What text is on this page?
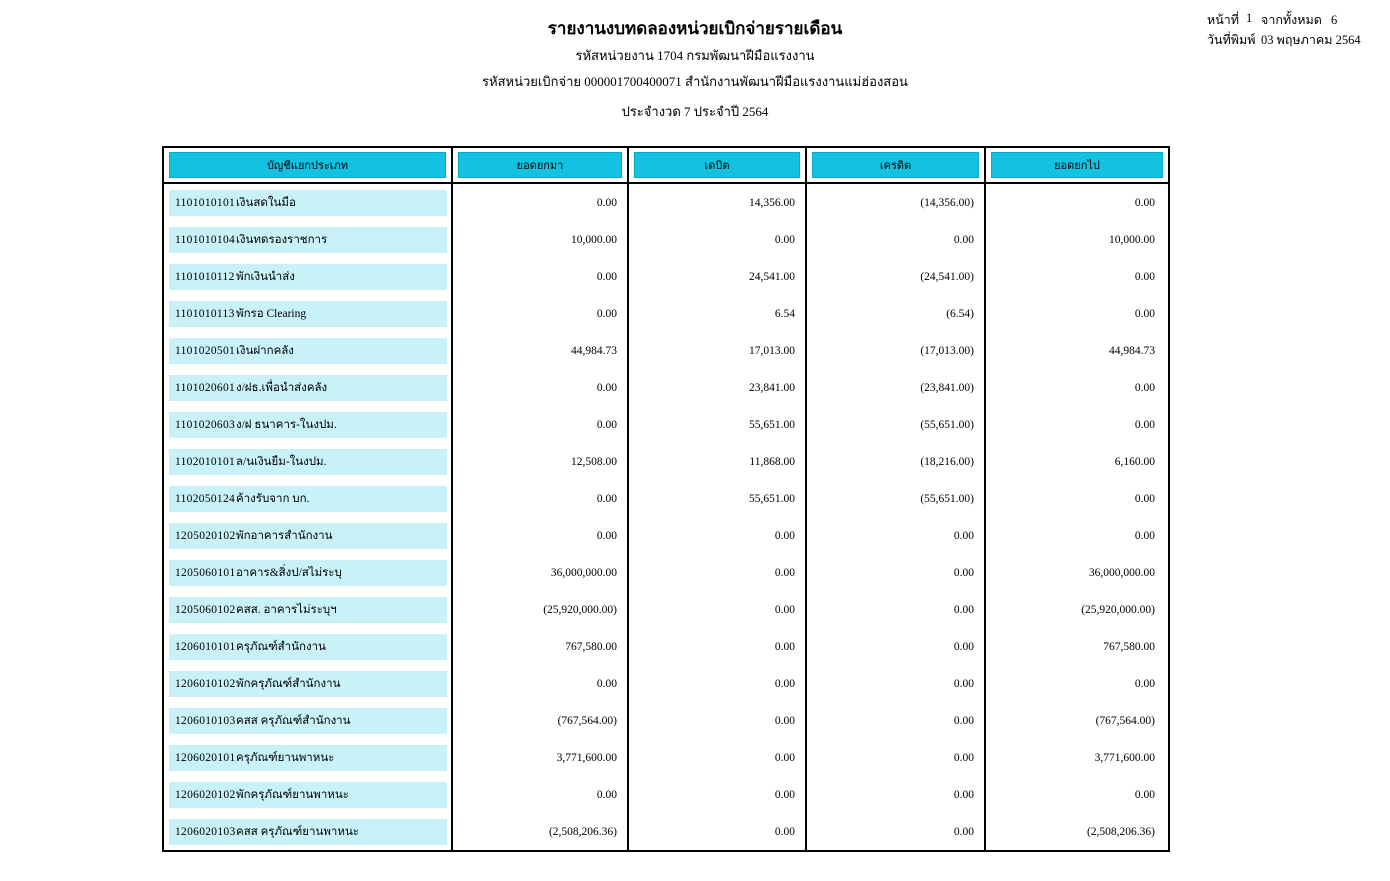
รายงานงบทดลองหน่วยเบิกจ่ายรายเดือน
รหัสหน่วยงาน 1704 กรมพัฒนาฝีมือแรงงาน
รหัสหน่วยเบิกจ่าย 000001700400071 สำนักงานพัฒนาฝีมือแรงงานแม่ฮ่องสอน
ประจำงวด 7 ประจำปี 2564
หน้าที่ 1 จากทั้งหมด 6
วันที่พิมพ์ 03 พฤษภาคม 2564
บัญชีแยกประเภท	ยอดยกมา	เดบิต	เครดิต	ยอดยกไป
1101010101 เงินสดในมือ	0.00	14,356.00	(14,356.00)	0.00
1101010104 เงินทดรองราชการ	10,000.00	0.00	0.00	10,000.00
1101010112 พักเงินนำส่ง	0.00	24,541.00	(24,541.00)	0.00
1101010113 พักรอ Clearing	0.00	6.54	(6.54)	0.00
1101020501 เงินฝากคลัง	44,984.73	17,013.00	(17,013.00)	44,984.73
1101020601 ง/ฝธ.เพื่อนำส่งคลัง	0.00	23,841.00	(23,841.00)	0.00
1101020603 ง/ฝ ธนาคาร-ในงปม.	0.00	55,651.00	(55,651.00)	0.00
1102010101 ล/นเงินยืม-ในงปม.	12,508.00	11,868.00	(18,216.00)	6,160.00
1102050124 ค้างรับจาก บก.	0.00	55,651.00	(55,651.00)	0.00
1205020102 พักอาคารสำนักงาน	0.00	0.00	0.00	0.00
1205060101 อาคาร&สิ่งป/สไม่ระบุ	36,000,000.00	0.00	0.00	36,000,000.00
1205060102 คสส. อาคารไม่ระบุฯ	(25,920,000.00)	0.00	0.00	(25,920,000.00)
1206010101 ครุภัณฑ์สำนักงาน	767,580.00	0.00	0.00	767,580.00
1206010102 พักครุภัณฑ์สำนักงาน	0.00	0.00	0.00	0.00
1206010103 คสส ครุภัณฑ์สำนักงาน	(767,564.00)	0.00	0.00	(767,564.00)
1206020101 ครุภัณฑ์ยานพาหนะ	3,771,600.00	0.00	0.00	3,771,600.00
1206020102 พักครุภัณฑ์ยานพาหนะ	0.00	0.00	0.00	0.00
1206020103 คสส ครุภัณฑ์ยานพาหนะ	(2,508,206.36)	0.00	0.00	(2,508,206.36)
